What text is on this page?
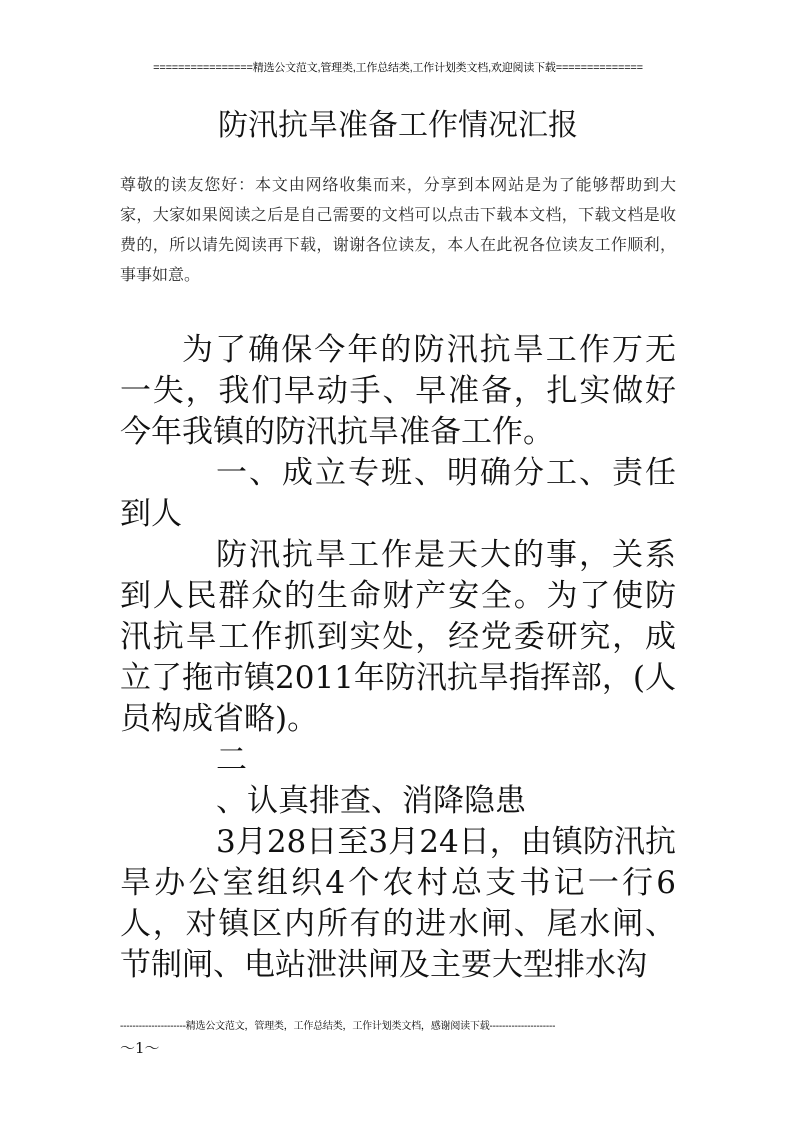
================精选公文范文,管理类,工作总结类,工作计划类文档,欢迎阅读下载==============
防汛抗旱准备工作情况汇报
尊敬的读友您好：本文由网络收集而来，分享到本网站是为了能够帮助到大家，大家如果阅读之后是自己需要的文档可以点击下载本文档，下载文档是收费的，所以请先阅读再下载，谢谢各位读友，本人在此祝各位读友工作顺利，事事如意。

为了确保今年的防汛抗旱工作万无一失，我们早动手、早准备，扎实做好今年我镇的防汛抗旱准备工作。

一、成立专班、明确分工、责任到人

防汛抗旱工作是天大的事，关系到人民群众的生命财产安全。为了使防汛抗旱工作抓到实处，经党委研究，成立了拖市镇2011年防汛抗旱指挥部，(人员构成省略)。

二

、认真排查、消降隐患

3月28日至3月24日，由镇防汛抗旱办公室组织4个农村总支书记一行6人，对镇区内所有的进水闸、尾水闸、节制闸、电站泄洪闸及主要大型排水沟

---------------------精选公文范文，管理类，工作总结类，工作计划类文档，感谢阅读下载---------------------
～1～
